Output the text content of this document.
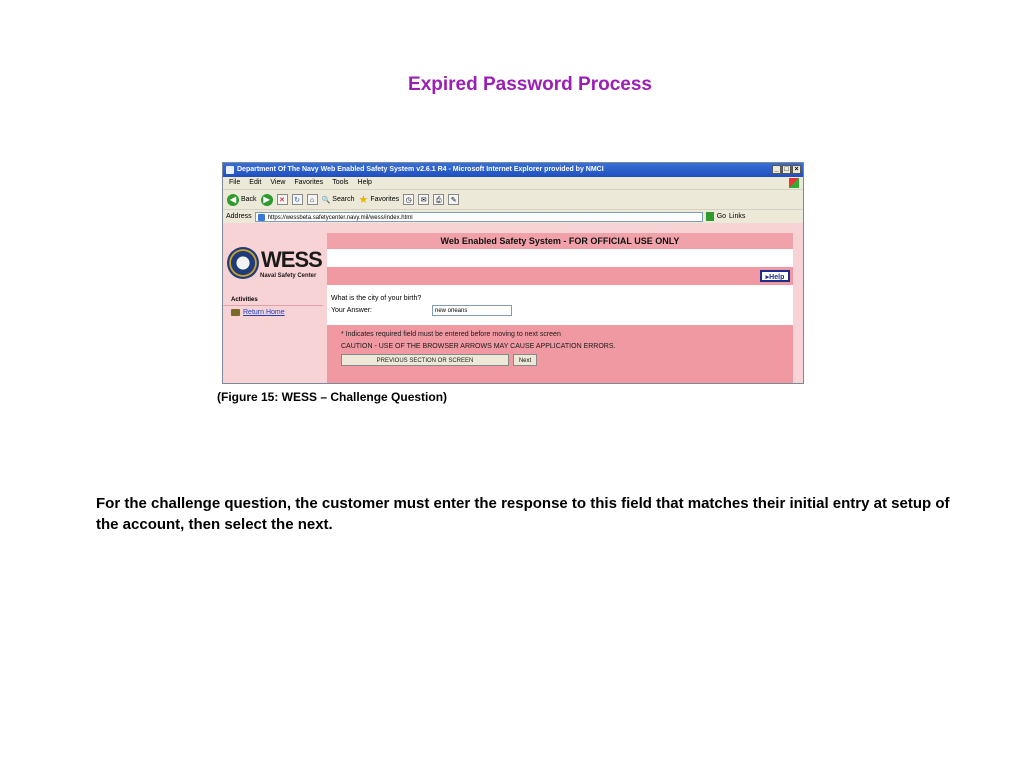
Expired Password Process
Department Of The Navy Web Enabled Safety System v2.6.1 R4 - Microsoft Internet Explorer provided by NMCI	_ □ ×
File Edit View Favorites Tools Help
◀ Back ▶	✕	↻	⌂	🔍 Search ★ Favorites ◷	✉	⎙	✎
Address	https://wessbeta.safetycenter.navy.mil/wess/index.html	Go Links
Web Enabled Safety System - FOR OFFICIAL USE ONLY
WESS
Naval Safety Center	▸Help
Activities
Return Home
What is the city of your birth?
Your Answer:
new orleans
* Indicates required field must be entered before moving to next screen
CAUTION - USE OF THE BROWSER ARROWS MAY CAUSE APPLICATION ERRORS.
PREVIOUS SECTION OR SCREEN	Next
(Figure 15: WESS – Challenge Question)
For the challenge question, the customer must enter the response to this field that matches their initial entry at setup of the account, then select the next.
